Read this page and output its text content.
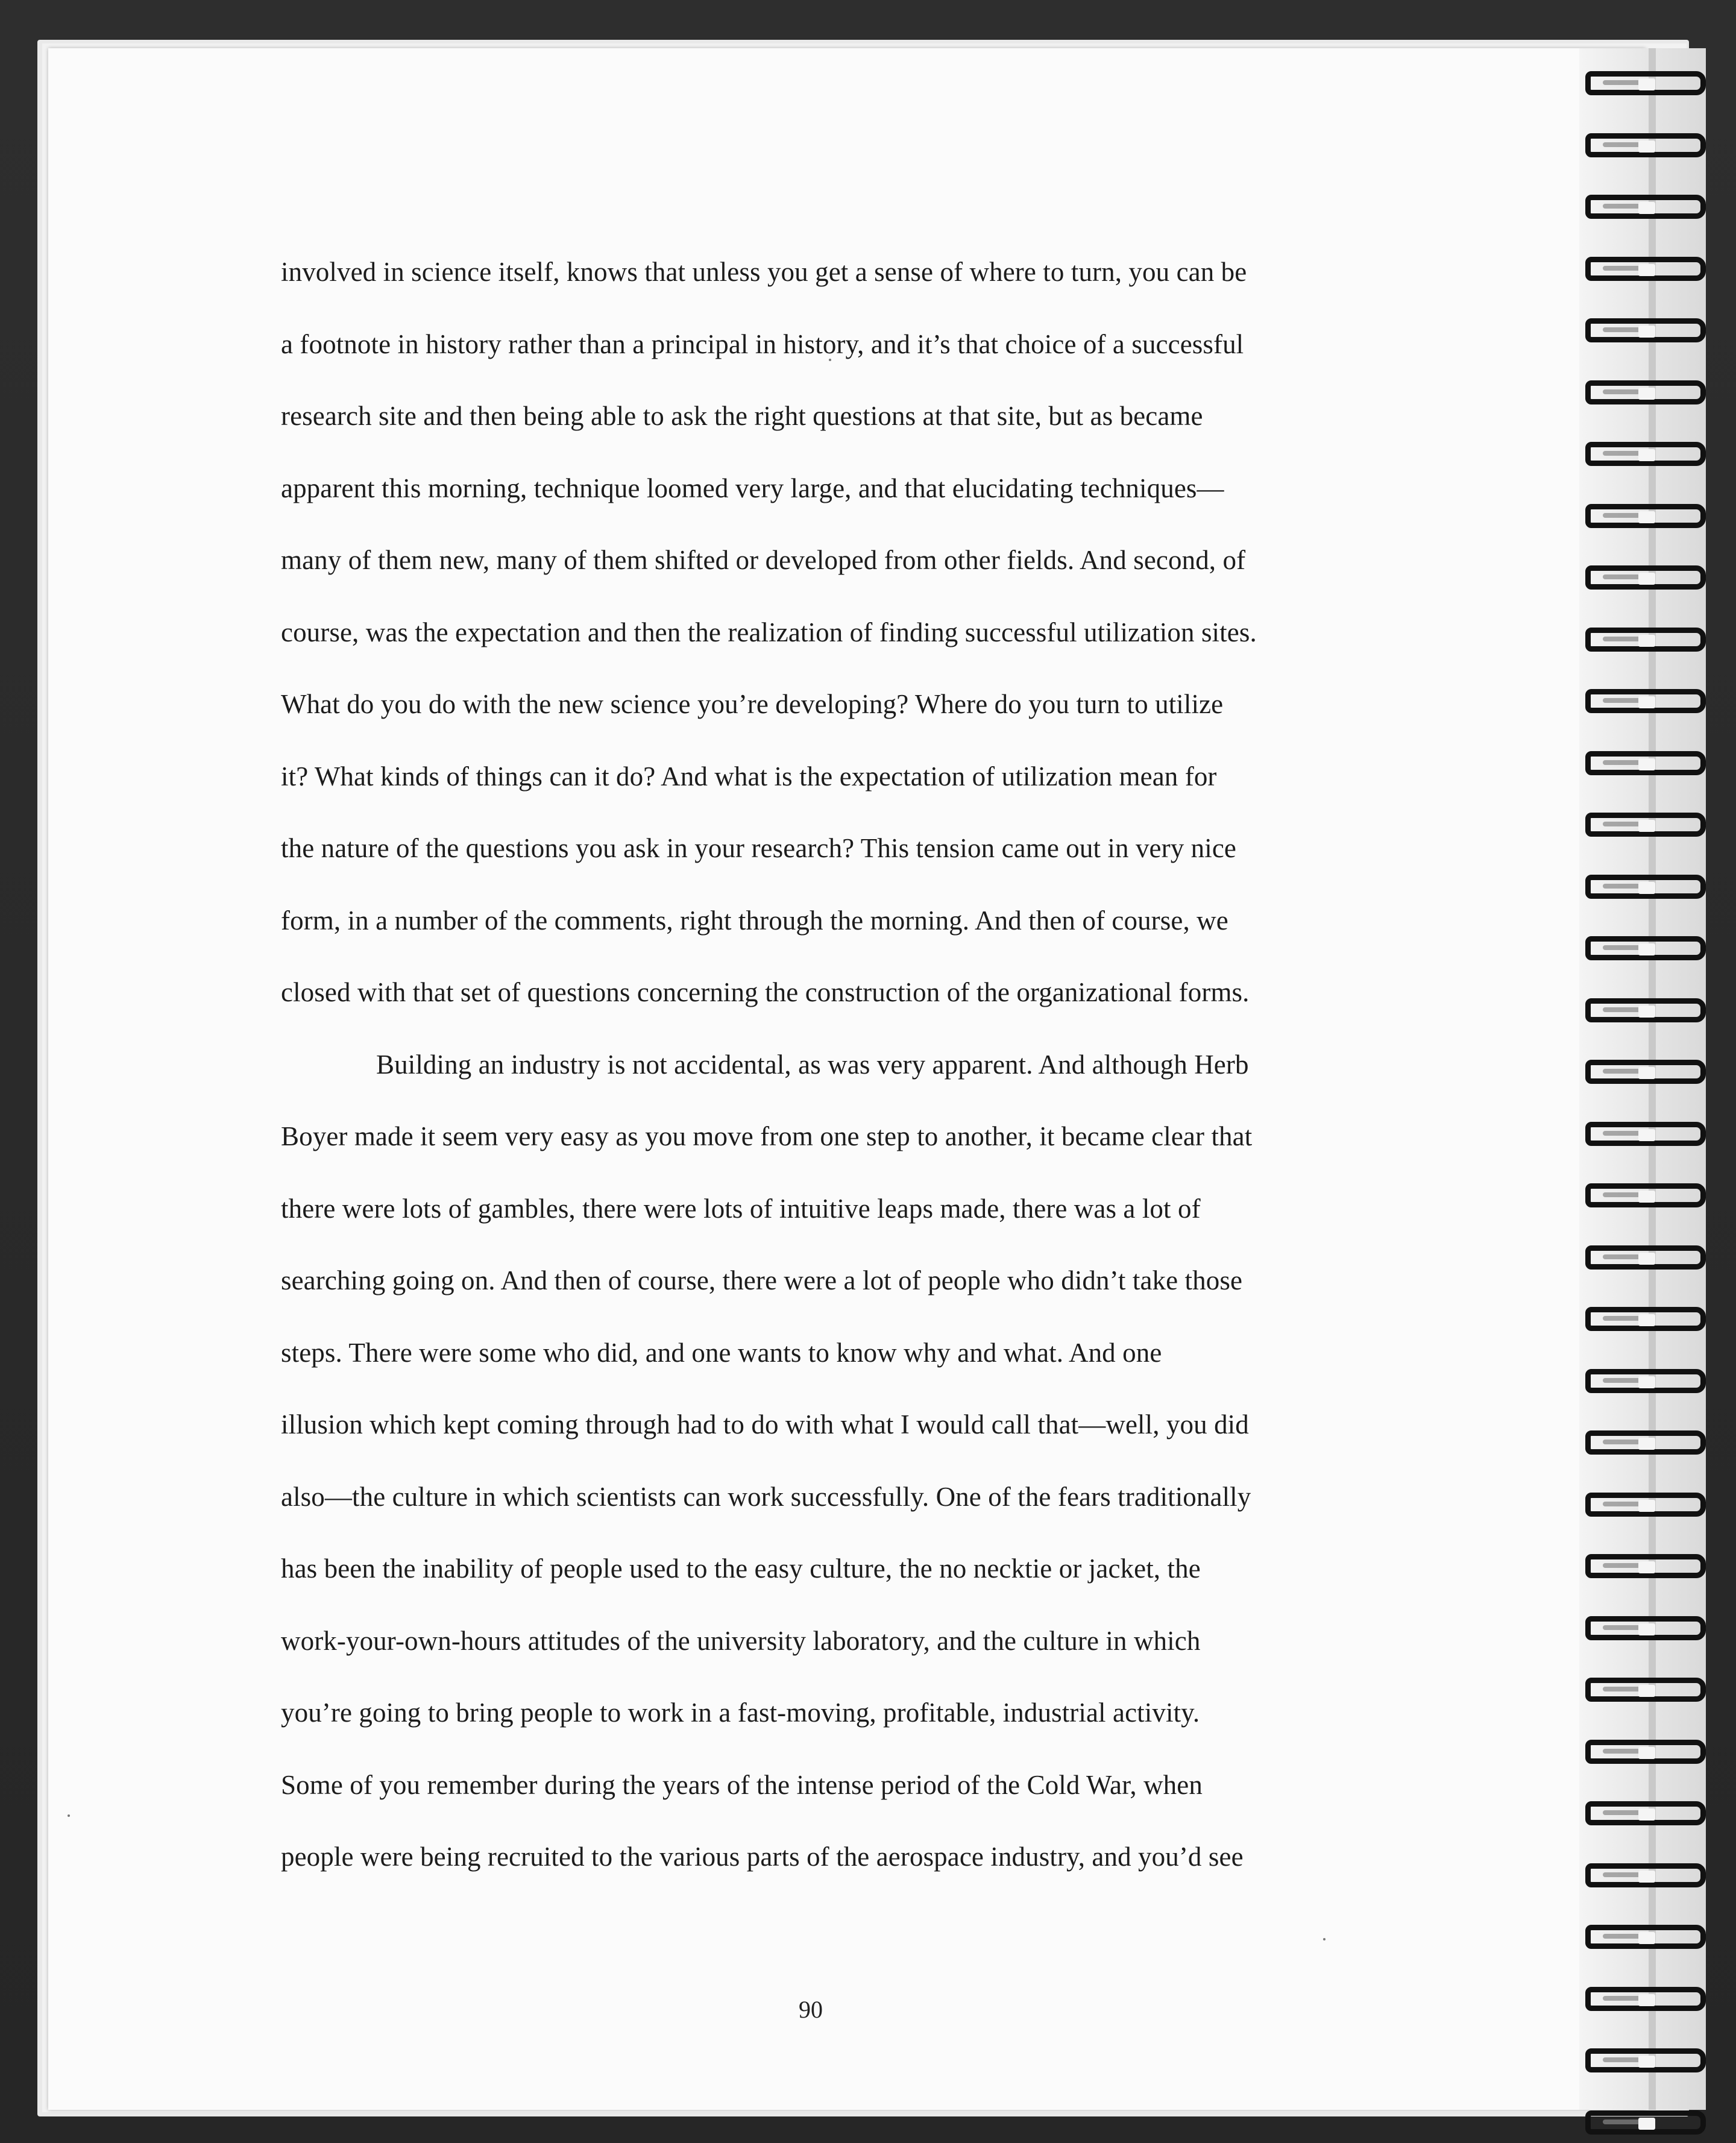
involved in science itself, knows that unless you get a sense of where to turn, you can be
a footnote in history rather than a principal in history, and it’s that choice of a successful
research site and then being able to ask the right questions at that site, but as became
apparent this morning, technique loomed very large, and that elucidating techniques—
many of them new, many of them shifted or developed from other fields. And second, of
course, was the expectation and then the realization of finding successful utilization sites.
What do you do with the new science you’re developing? Where do you turn to utilize
it? What kinds of things can it do? And what is the expectation of utilization mean for
the nature of the questions you ask in your research? This tension came out in very nice
form, in a number of the comments, right through the morning. And then of course, we
closed with that set of questions concerning the construction of the organizational forms.
Building an industry is not accidental, as was very apparent. And although Herb
Boyer made it seem very easy as you move from one step to another, it became clear that
there were lots of gambles, there were lots of intuitive leaps made, there was a lot of
searching going on. And then of course, there were a lot of people who didn’t take those
steps. There were some who did, and one wants to know why and what. And one
illusion which kept coming through had to do with what I would call that—well, you did
also—the culture in which scientists can work successfully. One of the fears traditionally
has been the inability of people used to the easy culture, the no necktie or jacket, the
work-your-own-hours attitudes of the university laboratory, and the culture in which
you’re going to bring people to work in a fast-moving, profitable, industrial activity.
Some of you remember during the years of the intense period of the Cold War, when
people were being recruited to the various parts of the aerospace industry, and you’d see
90
